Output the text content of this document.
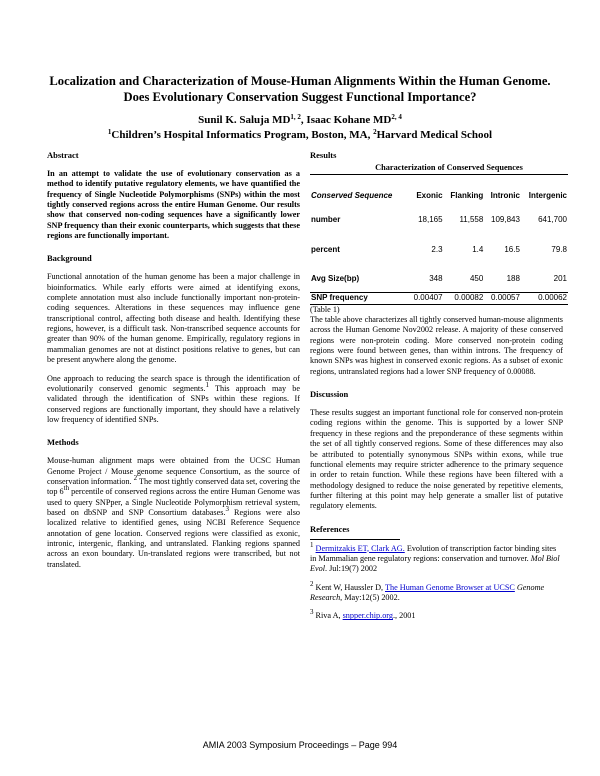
Localization and Characterization of Mouse-Human Alignments Within the Human Genome. Does Evolutionary Conservation Suggest Functional Importance?
Sunil K. Saluja MD$^{1, 2}$, Isaac Kohane MD$^{2, 4}$
$^1$Children’s Hospital Informatics Program, Boston, MA, $^2$Harvard Medical School
Abstract

In an attempt to validate the use of evolutionary conservation as a method to identify putative regulatory elements, we have quantified the frequency of Single Nucleotide Polymorphisms (SNPs) within the most tightly conserved regions across the entire Human Genome. Our results show that conserved non-coding sequences have a significantly lower SNP frequency than their exonic counterparts, which suggests that these regions are functionally important.

Background

Functional annotation of the human genome has been a major challenge in bioinformatics. While early efforts were aimed at identifying exons, complete annotation must also include functionally important non-protein-coding sequences. Alterations in these sequences may influence gene transcriptional control, affecting both disease and health. Identifying these regions, however, is a difficult task. Non-transcribed sequence accounts for greater than 90% of the human genome. Empirically, regulatory regions in mammalian genomes are not at distinct positions relative to genes, but can be present anywhere along the genome.

One approach to reducing the search space is through the identification of evolutionarily conserved genomic segments.$^1$ This approach may be validated through the identification of SNPs within these regions. If conserved regions are functionally important, they should have a relatively low frequency of identified SNPs.

Methods

Mouse-human alignment maps were obtained from the UCSC Human Genome Project / Mouse genome sequence Consortium, as the source of conservation information. $^2$ The most tightly conserved data set, covering the top 6th percentile of conserved regions across the entire Human Genome was used to query SNPper, a Single Nucleotide Polymorphism retrieval system, based on dbSNP and SNP Consortium databases.$^3$ Regions were also localized relative to identified genes, using NCBI Reference Sequence annotation of gene location. Conserved regions were classified as exonic, intronic, intergenic, flanking, and untranslated. Flanking regions spanned across an exon boundary. Un-translated regions were transcribed, but not translated.

Results
Characterization of Conserved Sequences
Conserved Sequence	Exonic	Flanking	Intronic	Intergenic
number	18,165	11,558	109,843	641,700
percent	2.3	1.4	16.5	79.8
Avg Size(bp)	348	450	188	201
SNP frequency	0.00407	0.00082	0.00057	0.00062

(Table 1)

The table above characterizes all tightly conserved human-mouse alignments across the Human Genome Nov2002 release. A majority of these conserved regions were non-protein coding. More conserved non-protein coding regions were found between genes, than within introns. The frequency of known SNPs was highest in conserved exonic regions. As a subset of exonic regions, untranslated regions had a lower SNP frequency of 0.00088.

Discussion

These results suggest an important functional role for conserved non-protein coding regions within the genome. This is supported by a lower SNP frequency in these regions and the preponderance of these segments within the set of all tightly conserved regions. Some of these differences may also be attributed to potentially synonymous SNPs within exons, while true functional elements may require stricter adherence to the primary sequence in order to retain function. While these regions have been filtered with a methodology designed to reduce the noise generated by repetitive elements, further filtering at this point may help generate a smaller list of putative regulatory elements.

References

$^1$ Dermitzakis ET, Clark AG. Evolution of transcription factor binding sites in Mammalian gene regulatory regions: conservation and turnover. Mol Biol Evol. Jul:19(7) 2002

$^2$ Kent W, Haussler D, The Human Genome Browser at UCSC Genome Research, May:12(5) 2002.

$^3$ Riva A, snpper.chip.org., 2001

AMIA 2003 Symposium Proceedings – Page 994
